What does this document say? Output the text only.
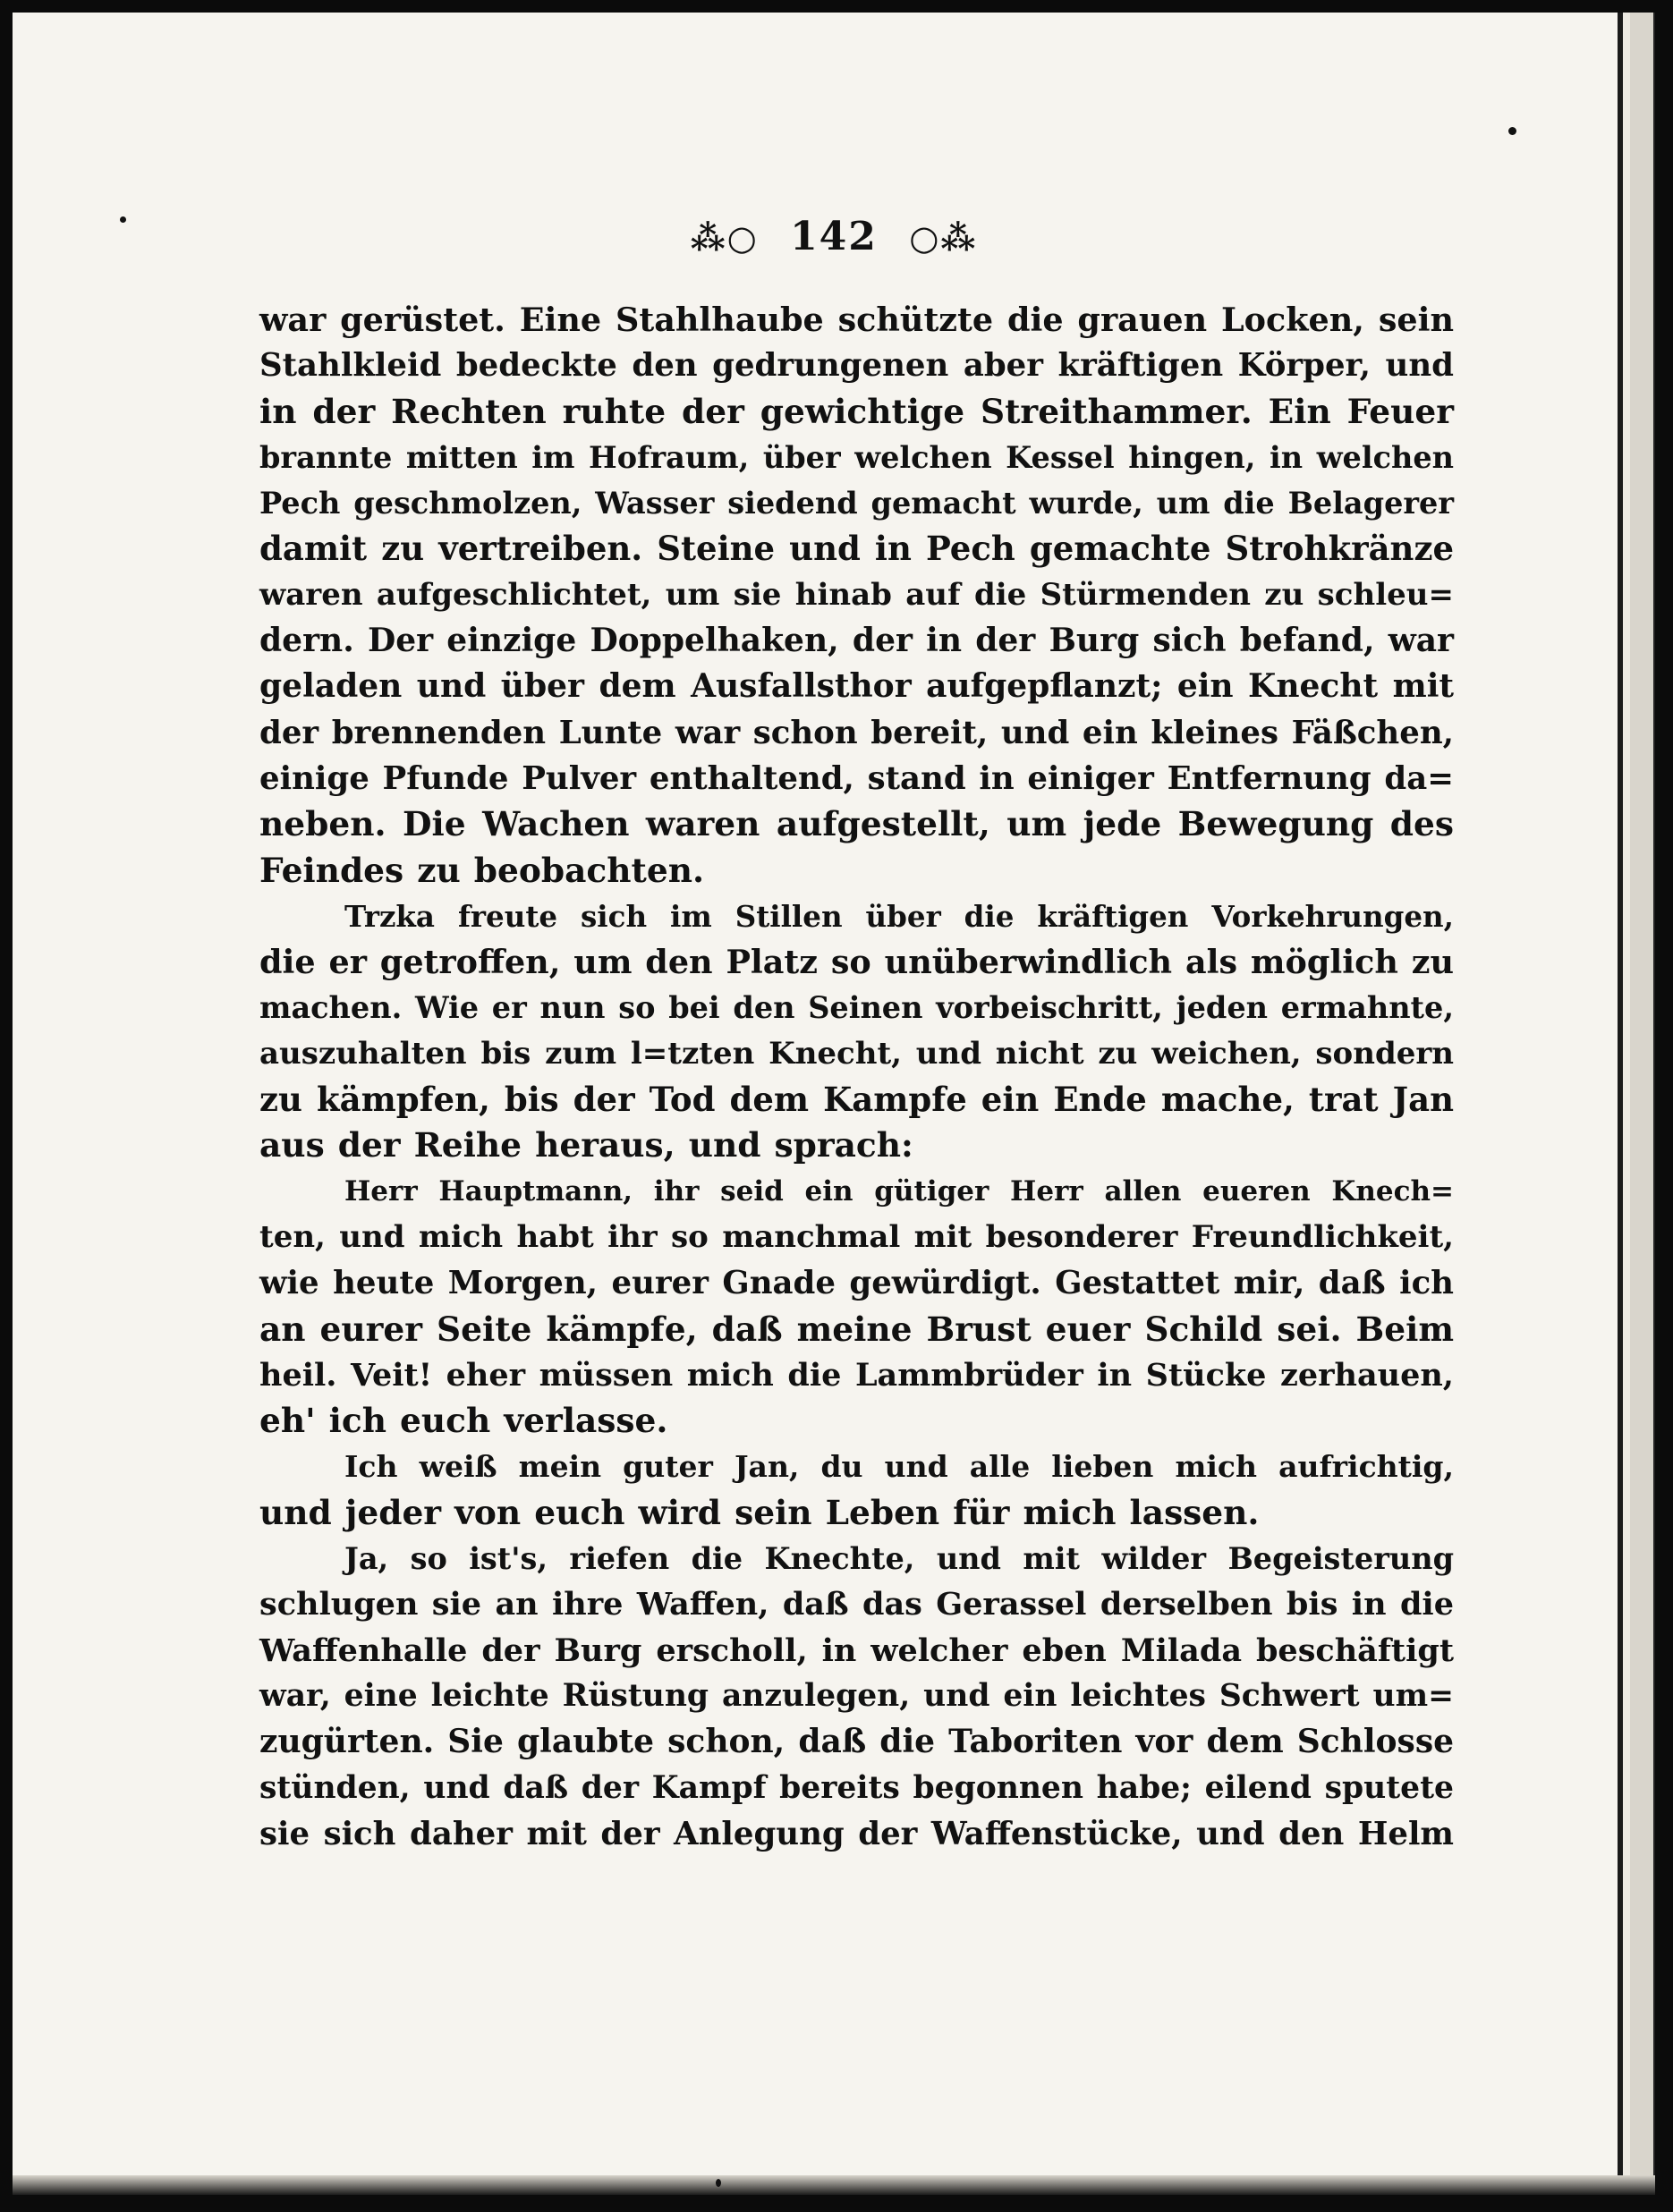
⁂○ 142 ○⁂
war gerüstet. Eine Stahlhaube schützte die grauen Locken, sein
Stahlkleid bedeckte den gedrungenen aber kräftigen Körper, und
in der Rechten ruhte der gewichtige Streithammer. Ein Feuer
brannte mitten im Hofraum, über welchen Kessel hingen, in welchen
Pech geschmolzen, Wasser siedend gemacht wurde, um die Belagerer
damit zu vertreiben. Steine und in Pech gemachte Strohkränze
waren aufgeschlichtet, um sie hinab auf die Stürmenden zu schleu=
dern. Der einzige Doppelhaken, der in der Burg sich befand, war
geladen und über dem Ausfallsthor aufgepflanzt; ein Knecht mit
der brennenden Lunte war schon bereit, und ein kleines Fäßchen,
einige Pfunde Pulver enthaltend, stand in einiger Entfernung da=
neben. Die Wachen waren aufgestellt, um jede Bewegung des
Feindes zu beobachten.
Trzka freute sich im Stillen über die kräftigen Vorkehrungen,
die er getroffen, um den Platz so unüberwindlich als möglich zu
machen. Wie er nun so bei den Seinen vorbeischritt, jeden ermahnte,
auszuhalten bis zum l=tzten Knecht, und nicht zu weichen, sondern
zu kämpfen, bis der Tod dem Kampfe ein Ende mache, trat Jan
aus der Reihe heraus, und sprach:
Herr Hauptmann, ihr seid ein gütiger Herr allen eueren Knech=
ten, und mich habt ihr so manchmal mit besonderer Freundlichkeit,
wie heute Morgen, eurer Gnade gewürdigt. Gestattet mir, daß ich
an eurer Seite kämpfe, daß meine Brust euer Schild sei. Beim
heil. Veit! eher müssen mich die Lammbrüder in Stücke zerhauen,
eh' ich euch verlasse.
Ich weiß mein guter Jan, du und alle lieben mich aufrichtig,
und jeder von euch wird sein Leben für mich lassen.
Ja, so ist's, riefen die Knechte, und mit wilder Begeisterung
schlugen sie an ihre Waffen, daß das Gerassel derselben bis in die
Waffenhalle der Burg erscholl, in welcher eben Milada beschäftigt
war, eine leichte Rüstung anzulegen, und ein leichtes Schwert um=
zugürten. Sie glaubte schon, daß die Taboriten vor dem Schlosse
stünden, und daß der Kampf bereits begonnen habe; eilend sputete
sie sich daher mit der Anlegung der Waffenstücke, und den Helm
